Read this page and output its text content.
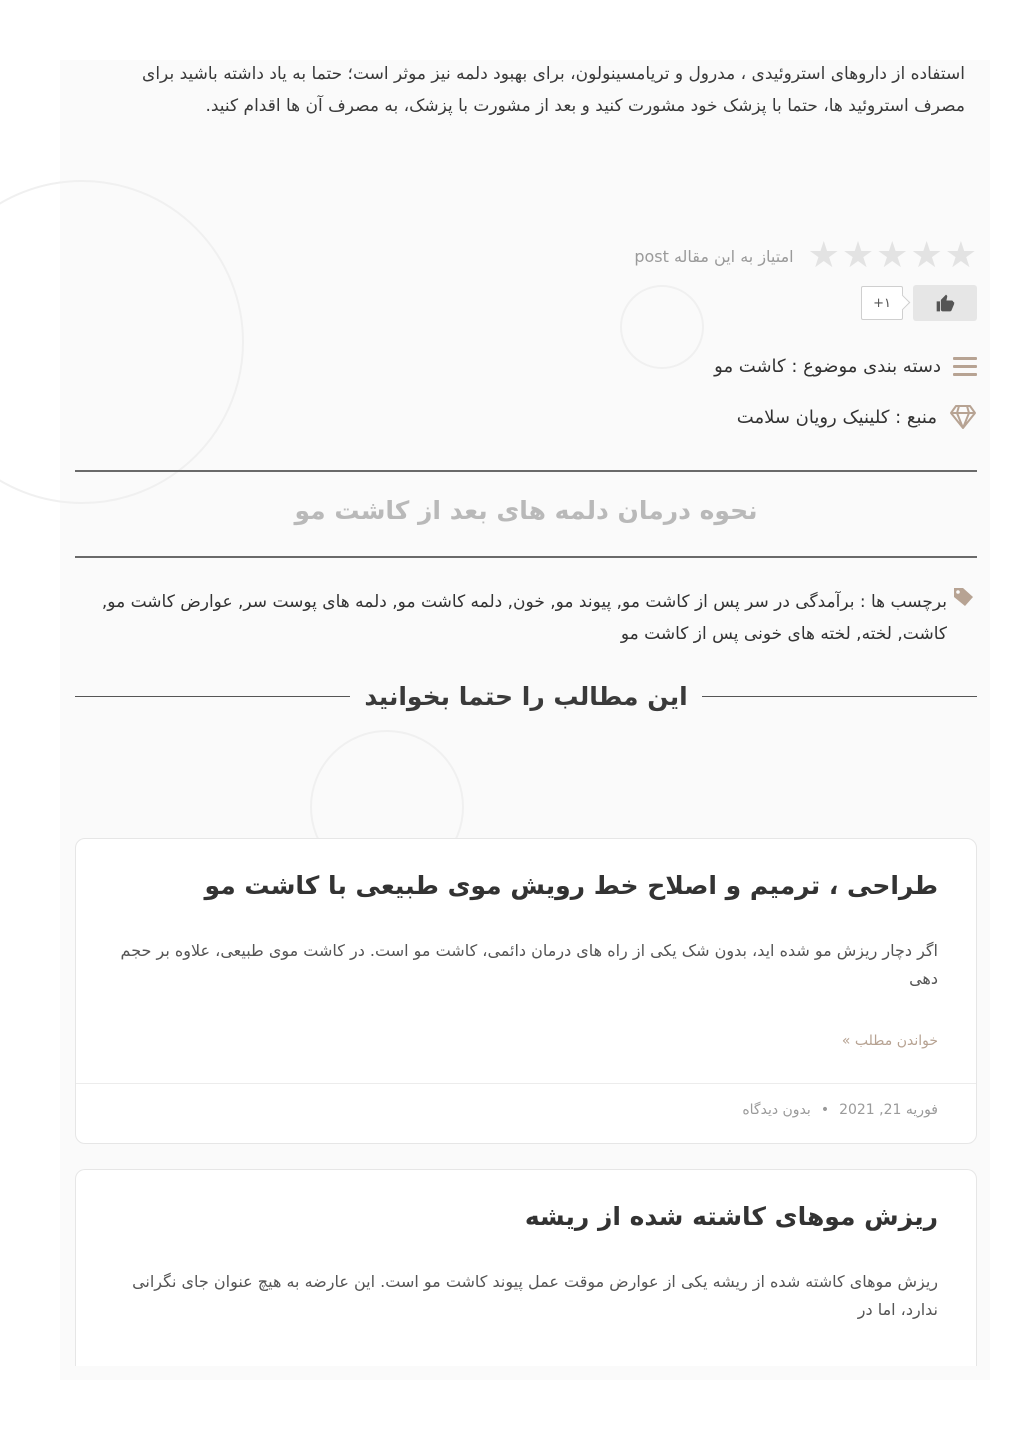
استفاده از داروهای استروئیدی ، مدرول و تریامسینولون، برای بهبود دلمه نیز موثر است؛ حتما به یاد داشته باشید برای مصرف استروئید ها، حتما با پزشک خود مشورت کنید و بعد از مشورت با پزشک، به مصرف آن ها اقدام کنید.

★
★
★
★
★
امتیاز به این مقاله post
۱+
دسته بندی موضوع : کاشت مو
منبع : کلینیک رویان سلامت
نحوه درمان دلمه های بعد از کاشت مو
برچسب ها : برآمدگی در سر پس از کاشت مو, پیوند مو, خون, دلمه کاشت مو, دلمه های پوست سر, عوارض کاشت مو, کاشت, لخته, لخته های خونی پس از کاشت مو
این مطالب را حتما بخوانید
طراحی ، ترمیم و اصلاح خط رویش موی طبیعی با کاشت مو

اگر دچار ریزش مو شده اید، بدون شک یکی از راه های درمان دائمی، کاشت مو است. در کاشت موی طبیعی، علاوه بر حجم دهی

خواندن مطلب »
فوریه 21, 2021
•
بدون دیدگاه
ریزش موهای کاشته شده از ریشه

ریزش موهای کاشته شده از ریشه یکی از عوارض موقت عمل پیوند کاشت مو است. این عارضه به هیچ عنوان جای نگرانی ندارد، اما در
